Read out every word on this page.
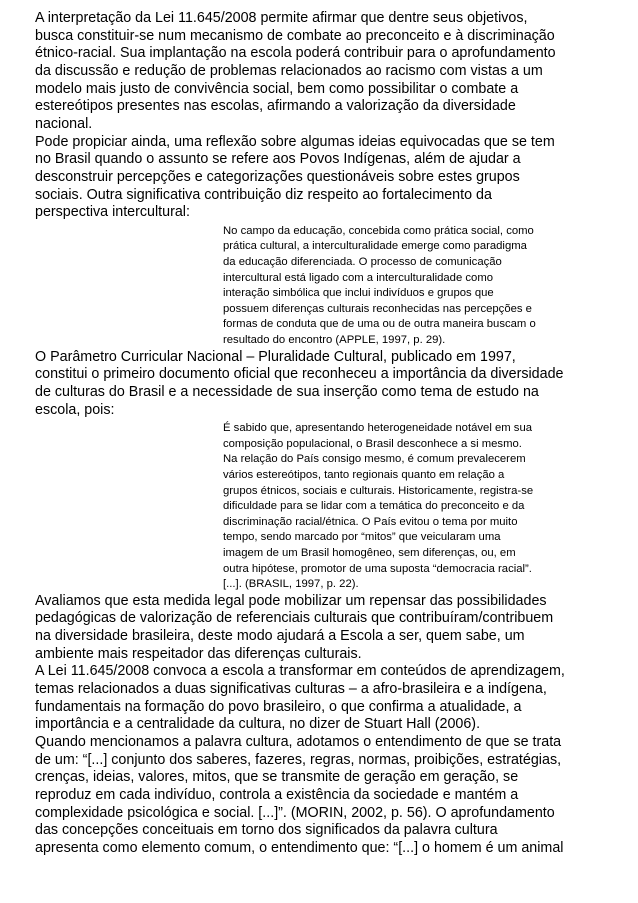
A interpretação da Lei 11.645/2008 permite afirmar que dentre seus objetivos,
busca constituir-se num mecanismo de combate ao preconceito e à discriminação
étnico-racial. Sua implantação na escola poderá contribuir para o aprofundamento
da discussão e redução de problemas relacionados ao racismo com vistas a um
modelo mais justo de convivência social, bem como possibilitar o combate a
estereótipos presentes nas escolas, afirmando a valorização da diversidade
nacional.
Pode propiciar ainda, uma reflexão sobre algumas ideias equivocadas que se tem
no Brasil quando o assunto se refere aos Povos Indígenas, além de ajudar a
desconstruir percepções e categorizações questionáveis sobre estes grupos
sociais. Outra significativa contribuição diz respeito ao fortalecimento da
perspectiva intercultural:
No campo da educação, concebida como prática social, como
prática cultural, a interculturalidade emerge como paradigma
da educação diferenciada. O processo de comunicação
intercultural está ligado com a interculturalidade como
interação simbólica que inclui indivíduos e grupos que
possuem diferenças culturais reconhecidas nas percepções e
formas de conduta que de uma ou de outra maneira buscam o
resultado do encontro (APPLE, 1997, p. 29).
O Parâmetro Curricular Nacional – Pluralidade Cultural, publicado em 1997,
constitui o primeiro documento oficial que reconheceu a importância da diversidade
de culturas do Brasil e a necessidade de sua inserção como tema de estudo na
escola, pois:
É sabido que, apresentando heterogeneidade notável em sua
composição populacional, o Brasil desconhece a si mesmo.
Na relação do País consigo mesmo, é comum prevalecerem
vários estereótipos, tanto regionais quanto em relação a
grupos étnicos, sociais e culturais. Historicamente, registra-se
dificuldade para se lidar com a temática do preconceito e da
discriminação racial/étnica. O País evitou o tema por muito
tempo, sendo marcado por “mitos” que veicularam uma
imagem de um Brasil homogêneo, sem diferenças, ou, em
outra hipótese, promotor de uma suposta “democracia racial”.
[...]. (BRASIL, 1997, p. 22).
Avaliamos que esta medida legal pode mobilizar um repensar das possibilidades
pedagógicas de valorização de referenciais culturais que contribuíram/contribuem
na diversidade brasileira, deste modo ajudará a Escola a ser, quem sabe, um
ambiente mais respeitador das diferenças culturais.
A Lei 11.645/2008 convoca a escola a transformar em conteúdos de aprendizagem,
temas relacionados a duas significativas culturas – a afro-brasileira e a indígena,
fundamentais na formação do povo brasileiro, o que confirma a atualidade, a
importância e a centralidade da cultura, no dizer de Stuart Hall (2006).
Quando mencionamos a palavra cultura, adotamos o entendimento de que se trata
de um: “[...] conjunto dos saberes, fazeres, regras, normas, proibições, estratégias,
crenças, ideias, valores, mitos, que se transmite de geração em geração, se
reproduz em cada indivíduo, controla a existência da sociedade e mantém a
complexidade psicológica e social. [...]”. (MORIN, 2002, p. 56). O aprofundamento
das concepções conceituais em torno dos significados da palavra cultura
apresenta como elemento comum, o entendimento que: “[...] o homem é um animal
